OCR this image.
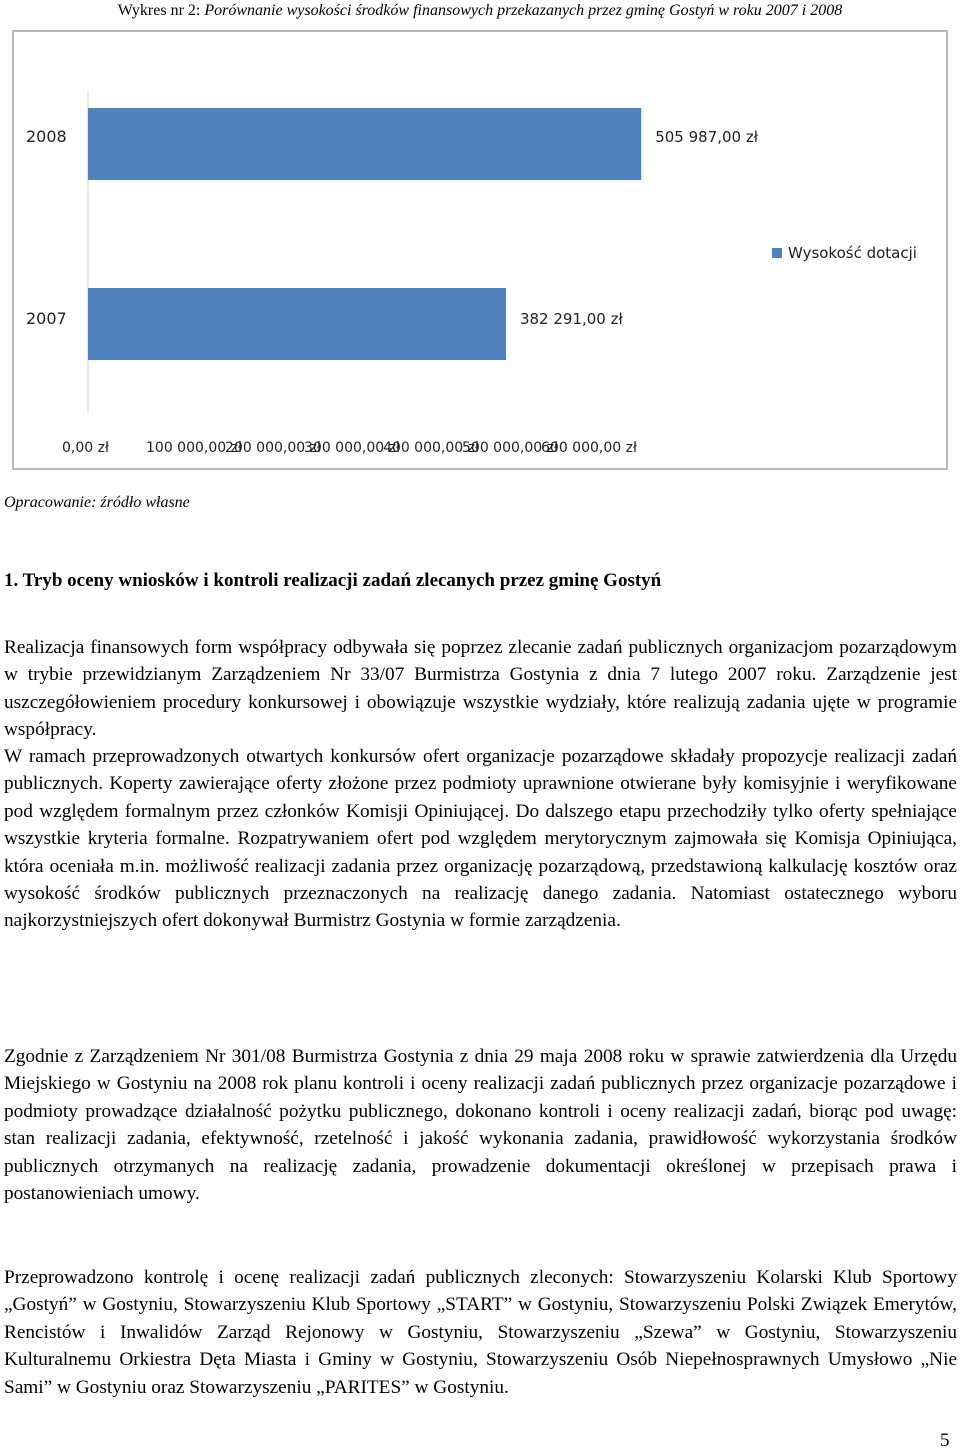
Wykres nr 2: Porównanie wysokości środków finansowych przekazanych przez gminę Gostyń w roku 2007 i 2008
2008	505 987,00 zł
2007	382 291,00 zł
0,00 zł	100 000,00 zł
200 000,00 zł
300 000,00 zł
400 000,00 zł
500 000,00 zł
600 000,00 zł
Wysokość dotacji
Opracowanie: źródło własne
1. Tryb oceny wniosków i kontroli realizacji zadań zlecanych przez gminę Gostyń

Realizacja finansowych form współpracy odbywała się poprzez zlecanie zadań publicznych organizacjom pozarządowym w trybie przewidzianym Zarządzeniem Nr 33/07 Burmistrza Gostynia z dnia 7 lutego 2007 roku. Zarządzenie jest uszczegółowieniem procedury konkursowej i obowiązuje wszystkie wydziały, które realizują zadania ujęte w programie współpracy.

W ramach przeprowadzonych otwartych konkursów ofert organizacje pozarządowe składały propozycje realizacji zadań publicznych. Koperty zawierające oferty złożone przez podmioty uprawnione otwierane były komisyjnie i weryfikowane pod względem formalnym przez członków Komisji Opiniującej. Do dalszego etapu przechodziły tylko oferty spełniające wszystkie kryteria formalne. Rozpatrywaniem ofert pod względem merytorycznym zajmowała się Komisja Opiniująca, która oceniała m.in. możliwość realizacji zadania przez organizację pozarządową, przedstawioną kalkulację kosztów oraz wysokość środków publicznych przeznaczonych na realizację danego zadania. Natomiast ostatecznego wyboru najkorzystniejszych ofert dokonywał Burmistrz Gostynia w formie zarządzenia.

Zgodnie z Zarządzeniem Nr 301/08 Burmistrza Gostynia z dnia 29 maja 2008 roku w sprawie zatwierdzenia dla Urzędu Miejskiego w Gostyniu na 2008 rok planu kontroli i oceny realizacji zadań publicznych przez organizacje pozarządowe i podmioty prowadzące działalność pożytku publicznego, dokonano kontroli i oceny realizacji zadań, biorąc pod uwagę: stan realizacji zadania, efektywność, rzetelność i jakość wykonania zadania, prawidłowość wykorzystania środków publicznych otrzymanych na realizację zadania, prowadzenie dokumentacji określonej w przepisach prawa i postanowieniach umowy.

Przeprowadzono kontrolę i ocenę realizacji zadań publicznych zleconych: Stowarzyszeniu Kolarski Klub Sportowy „Gostyń” w Gostyniu, Stowarzyszeniu Klub Sportowy „START” w Gostyniu, Stowarzyszeniu Polski Związek Emerytów, Rencistów i Inwalidów Zarząd Rejonowy w Gostyniu, Stowarzyszeniu „Szewa” w Gostyniu, Stowarzyszeniu Kulturalnemu Orkiestra Dęta Miasta i Gminy w Gostyniu, Stowarzyszeniu Osób Niepełnosprawnych Umysłowo „Nie Sami” w Gostyniu oraz Stowarzyszeniu „PARITES” w Gostyniu.

5
